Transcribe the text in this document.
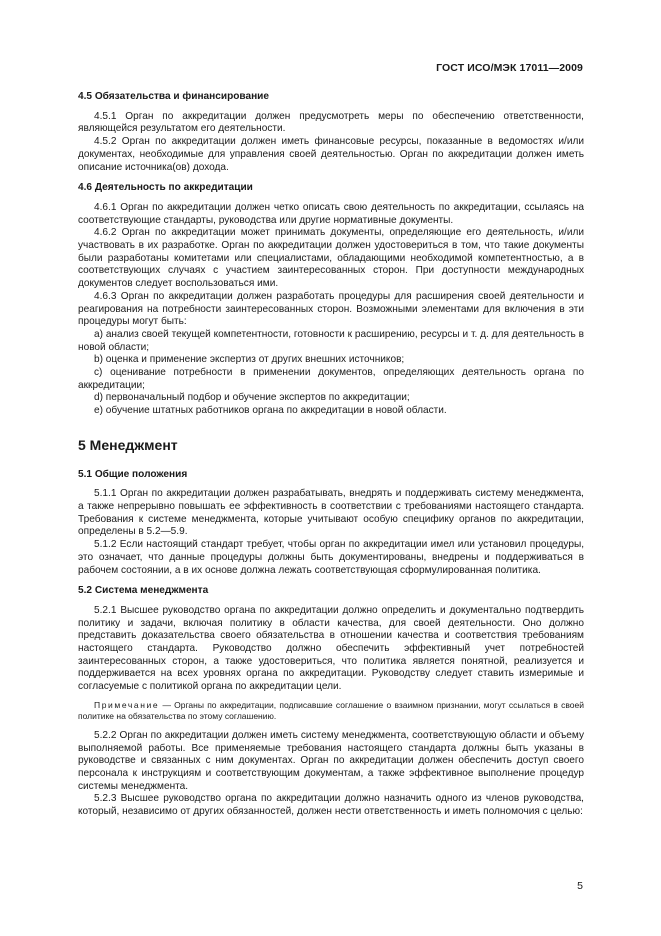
ГОСТ ИСО/МЭК 17011—2009
4.5 Обязательства и финансирование

4.5.1 Орган по аккредитации должен предусмотреть меры по обеспечению ответственности, являющейся результатом его деятельности.

4.5.2 Орган по аккредитации должен иметь финансовые ресурсы, показанные в ведомостях и/или документах, необходимые для управления своей деятельностью. Орган по аккредитации должен иметь описание источника(ов) дохода.

4.6 Деятельность по аккредитации

4.6.1 Орган по аккредитации должен четко описать свою деятельность по аккредитации, ссылаясь на соответствующие стандарты, руководства или другие нормативные документы.

4.6.2 Орган по аккредитации может принимать документы, определяющие его деятельность, и/или участвовать в их разработке. Орган по аккредитации должен удостовериться в том, что такие документы были разработаны комитетами или специалистами, обладающими необходимой компетентностью, а в соответствующих случаях с участием заинтересованных сторон. При доступности международных документов следует воспользоваться ими.

4.6.3 Орган по аккредитации должен разработать процедуры для расширения своей деятельности и реагирования на потребности заинтересованных сторон. Возможными элементами для включения в эти процедуры могут быть:

a) анализ своей текущей компетентности, готовности к расширению, ресурсы и т. д. для деятельность в новой области;

b) оценка и применение экспертиз от других внешних источников;

c) оценивание потребности в применении документов, определяющих деятельность органа по аккредитации;

d) первоначальный подбор и обучение экспертов по аккредитации;

e) обучение штатных работников органа по аккредитации в новой области.

5 Менеджмент
5.1 Общие положения

5.1.1 Орган по аккредитации должен разрабатывать, внедрять и поддерживать систему менеджмента, а также непрерывно повышать ее эффективность в соответствии с требованиями настоящего стандарта. Требования к системе менеджмента, которые учитывают особую специфику органов по аккредитации, определены в 5.2—5.9.

5.1.2 Если настоящий стандарт требует, чтобы орган по аккредитации имел или установил процедуры, это означает, что данные процедуры должны быть документированы, внедрены и поддерживаться в рабочем состоянии, а в их основе должна лежать соответствующая сформулированная политика.

5.2 Система менеджмента

5.2.1 Высшее руководство органа по аккредитации должно определить и документально подтвердить политику и задачи, включая политику в области качества, для своей деятельности. Оно должно представить доказательства своего обязательства в отношении качества и соответствия требованиям настоящего стандарта. Руководство должно обеспечить эффективный учет потребностей заинтересованных сторон, а также удостовериться, что политика является понятной, реализуется и поддерживается на всех уровнях органа по аккредитации. Руководству следует ставить измеримые и согласуемые с политикой органа по аккредитации цели.

Примечание — Органы по аккредитации, подписавшие соглашение о взаимном признании, могут ссылаться в своей политике на обязательства по этому соглашению.

5.2.2 Орган по аккредитации должен иметь систему менеджмента, соответствующую области и объему выполняемой работы. Все применяемые требования настоящего стандарта должны быть указаны в руководстве и связанных с ним документах. Орган по аккредитации должен обеспечить доступ своего персонала к инструкциям и соответствующим документам, а также эффективное выполнение процедур системы менеджмента.

5.2.3 Высшее руководство органа по аккредитации должно назначить одного из членов руководства, который, независимо от других обязанностей, должен нести ответственность и иметь полномочия с целью:

5
